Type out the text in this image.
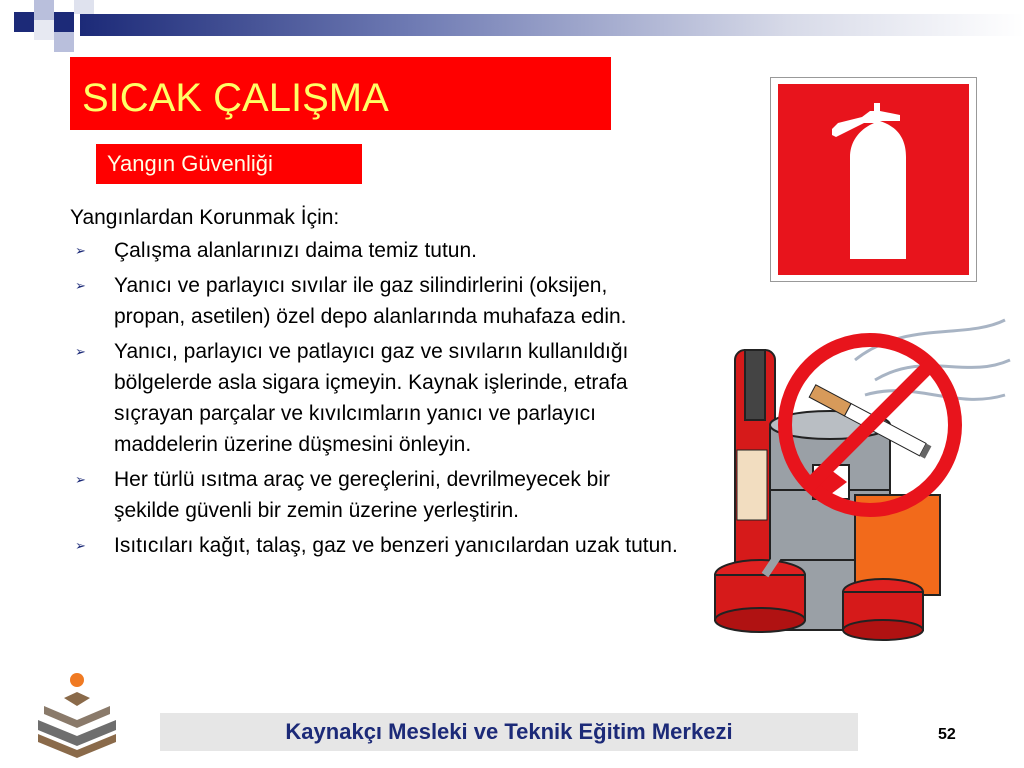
SICAK ÇALIŞMA
Yangın Güvenliği
Yangınlardan Korunmak İçin:
➢ Çalışma alanlarınızı daima temiz tutun.
➢ Yanıcı ve parlayıcı sıvılar ile gaz silindirlerini (oksijen, propan, asetilen) özel depo alanlarında muhafaza edin.
➢ Yanıcı, parlayıcı ve patlayıcı gaz ve sıvıların kullanıldığı bölgelerde asla sigara içmeyin. Kaynak işlerinde, etrafa sıçrayan parçalar ve kıvılcımların yanıcı ve parlayıcı maddelerin üzerine düşmesini önleyin.
➢ Her türlü ısıtma araç ve gereçlerini, devrilmeyecek bir şekilde güvenli bir zemin üzerine yerleştirin.
➢ Isıtıcıları kağıt, talaş, gaz ve benzeri yanıcılardan uzak tutun.
Kaynakçı Mesleki ve Teknik Eğitim Merkezi	52
